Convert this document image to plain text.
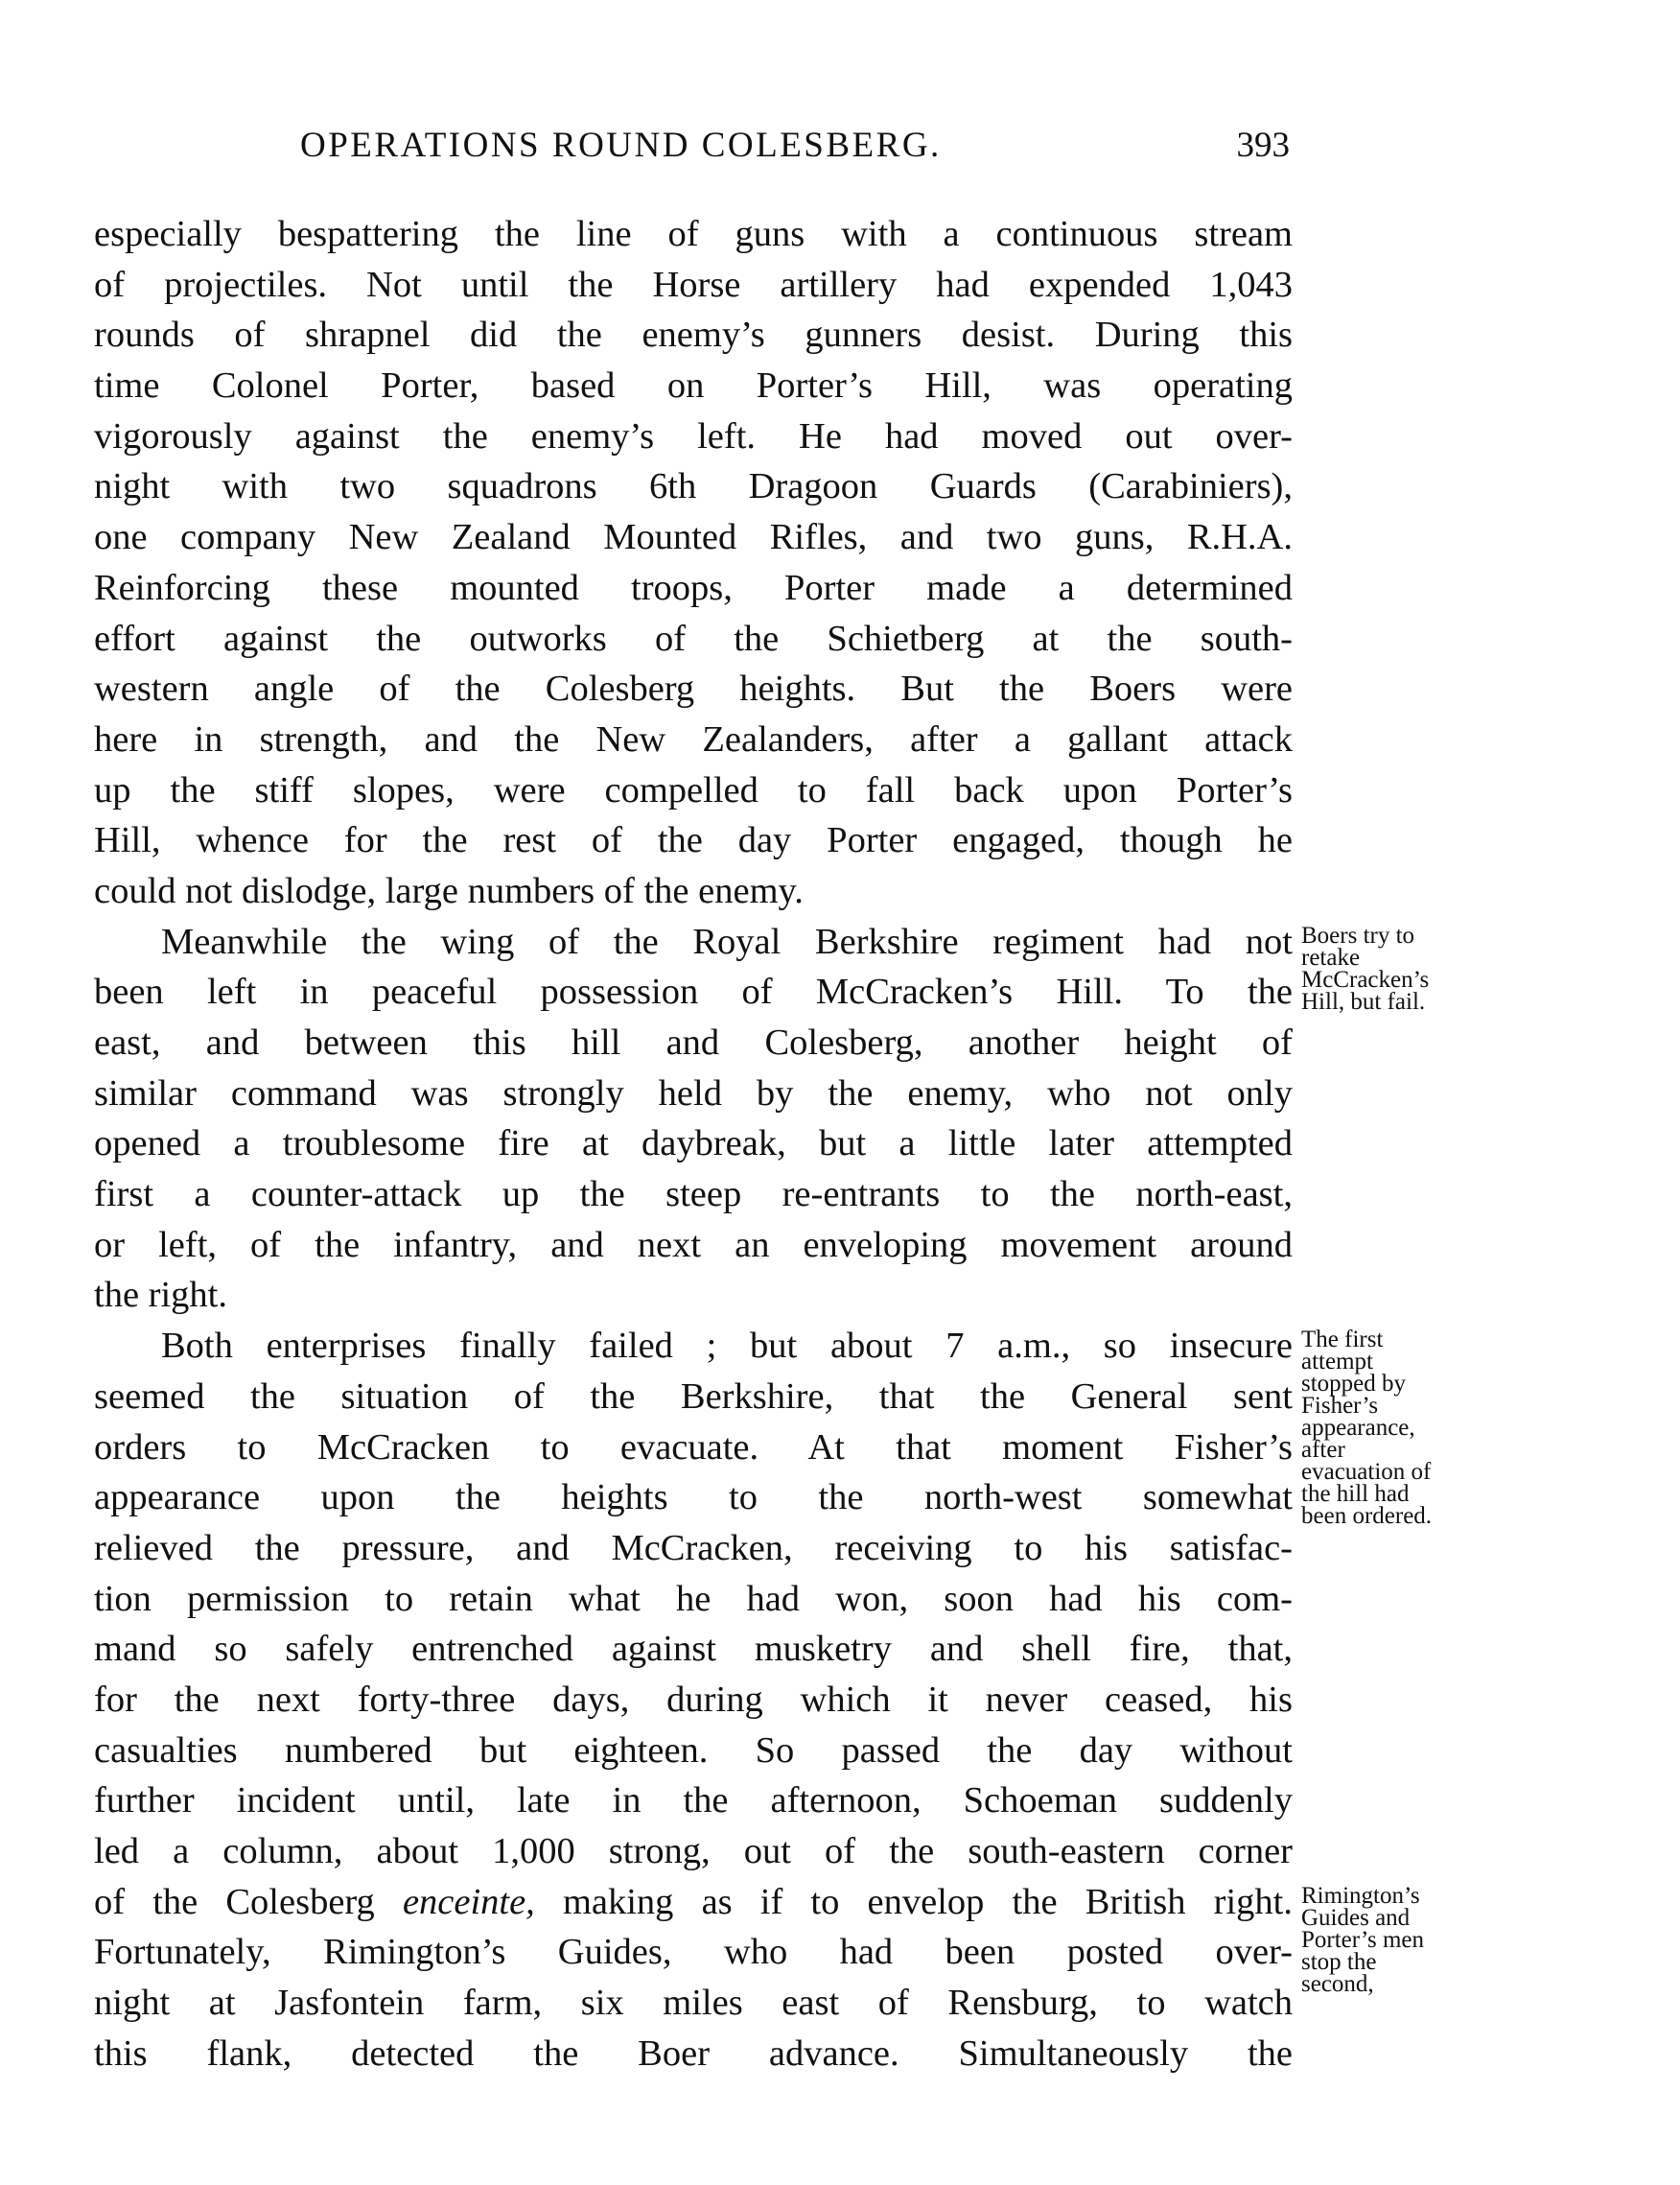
OPERATIONS ROUND COLESBERG.	393
especially bespattering the line of guns with a continuous stream
of projectiles. Not until the Horse artillery had expended 1,043
rounds of shrapnel did the enemy’s gunners desist. During this
time Colonel Porter, based on Porter’s Hill, was operating
vigorously against the enemy’s left. He had moved out over-
night with two squadrons 6th Dragoon Guards (Carabiniers),
one company New Zealand Mounted Rifles, and two guns, R.H.A.
Reinforcing these mounted troops, Porter made a determined
effort against the outworks of the Schietberg at the south-
western angle of the Colesberg heights. But the Boers were
here in strength, and the New Zealanders, after a gallant attack
up the stiff slopes, were compelled to fall back upon Porter’s
Hill, whence for the rest of the day Porter engaged, though he
could not dislodge, large numbers of the enemy.
Meanwhile the wing of the Royal Berkshire regiment had not
been left in peaceful possession of McCracken’s Hill. To the
east, and between this hill and Colesberg, another height of
similar command was strongly held by the enemy, who not only
opened a troublesome fire at daybreak, but a little later attempted
first a counter-attack up the steep re-entrants to the north-east,
or left, of the infantry, and next an enveloping movement around
the right.
Both enterprises finally failed ; but about 7 a.m., so insecure
seemed the situation of the Berkshire, that the General sent
orders to McCracken to evacuate. At that moment Fisher’s
appearance upon the heights to the north-west somewhat
relieved the pressure, and McCracken, receiving to his satisfac-
tion permission to retain what he had won, soon had his com-
mand so safely entrenched against musketry and shell fire, that,
for the next forty-three days, during which it never ceased, his
casualties numbered but eighteen. So passed the day without
further incident until, late in the afternoon, Schoeman suddenly
led a column, about 1,000 strong, out of the south-eastern corner
of the Colesberg enceinte, making as if to envelop the British right.
Fortunately, Rimington’s Guides, who had been posted over-
night at Jasfontein farm, six miles east of Rensburg, to watch
this flank, detected the Boer advance. Simultaneously the
Boers try to
retake
McCracken’s
Hill, but fail.
The first
attempt
stopped by
Fisher’s
appearance,
after
evacuation of
the hill had
been ordered.
Rimington’s
Guides and
Porter’s men
stop the
second,
